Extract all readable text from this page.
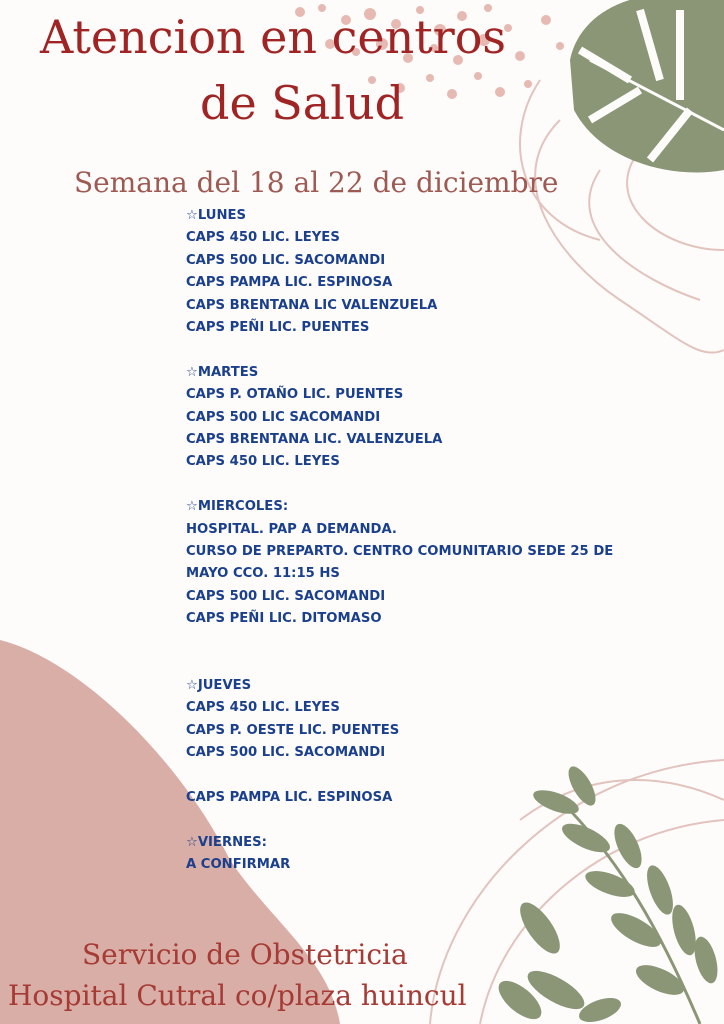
Atencion en centros
de Salud
Semana del 18 al 22 de diciembre
☆LUNES
CAPS 450 LIC. LEYES
CAPS 500 LIC. SACOMANDI
CAPS PAMPA LIC. ESPINOSA
CAPS BRENTANA LIC VALENZUELA
CAPS PEÑI LIC. PUENTES
☆MARTES
CAPS P. OTAÑO LIC. PUENTES
CAPS 500 LIC SACOMANDI
CAPS BRENTANA LIC. VALENZUELA
CAPS 450 LIC. LEYES
☆MIERCOLES:
HOSPITAL. PAP A DEMANDA.
CURSO DE PREPARTO. CENTRO COMUNITARIO SEDE 25 DE
MAYO CCO. 11:15 HS
CAPS 500 LIC. SACOMANDI
CAPS PEÑI LIC. DITOMASO
☆JUEVES
CAPS 450 LIC. LEYES
CAPS P. OESTE LIC. PUENTES
CAPS 500 LIC. SACOMANDI
CAPS PAMPA LIC. ESPINOSA
☆VIERNES:
A CONFIRMAR
Servicio de Obstetricia
Hospital Cutral co/plaza huincul
